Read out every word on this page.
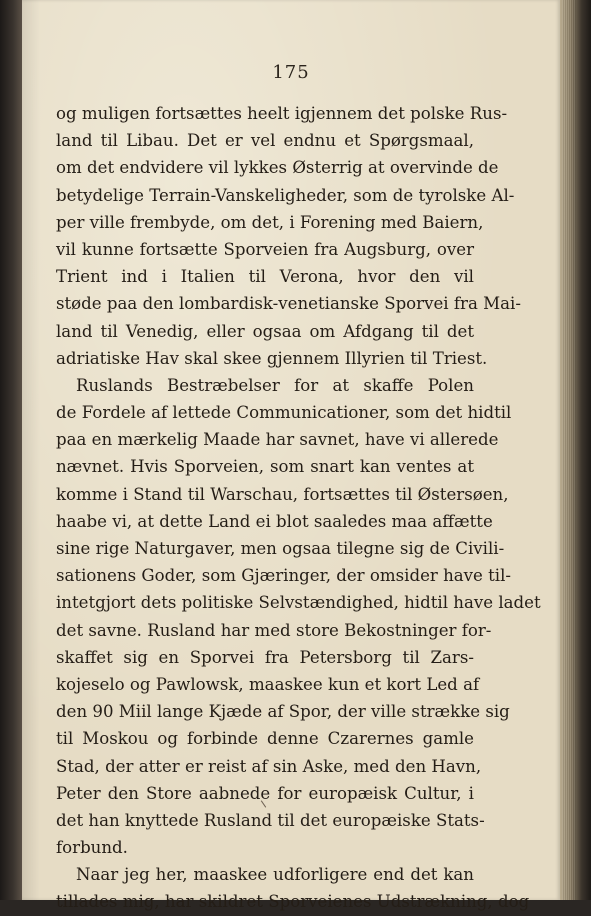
175
og muligen fortsættes heelt igjennem det polske Rus-
land til Libau. Det er vel endnu et Spørgsmaal,
om det endvidere vil lykkes Østerrig at overvinde de
betydelige Terrain-Vanskeligheder, som de tyrolske Al-
per ville frembyde, om det, i Forening med Baiern,
vil kunne fortsætte Sporveien fra Augsburg, over
Trient ind i Italien til Verona, hvor den vil
støde paa den lombardisk-venetianske Sporvei fra Mai-
land til Venedig, eller ogsaa om Afdgang til det
adriatiske Hav skal skee gjennem Illyrien til Triest.
Ruslands Bestræbelser for at skaffe Polen
de Fordele af lettede Communicationer, som det hidtil
paa en mærkelig Maade har savnet, have vi allerede
nævnet. Hvis Sporveien, som snart kan ventes at
komme i Stand til Warschau, fortsættes til Østersøen,
haabe vi, at dette Land ei blot saaledes maa affætte
sine rige Naturgaver, men ogsaa tilegne sig de Civili-
sationens Goder, som Gjæringer, der omsider have til-
intetgjort dets politiske Selvstændighed, hidtil have ladet
det savne. Rusland har med store Bekostninger for-
skaffet sig en Sporvei fra Petersborg til Zars-
kojeselo og Pawlowsk, maaskee kun et kort Led af
den 90 Miil lange Kjæde af Spor, der ville strække sig
til Moskou og forbinde denne Czarernes gamle
Stad, der atter er reist af sin Aske, med den Havn,
Peter den Store aabnede for europæisk Cultur, i
det han knyttede Rusland til det europæiske Stats-
forbund.
Naar jeg her, maaskee udforligere end det kan
tillades mig, har skildret Sporveienes Udstrækning, dog
